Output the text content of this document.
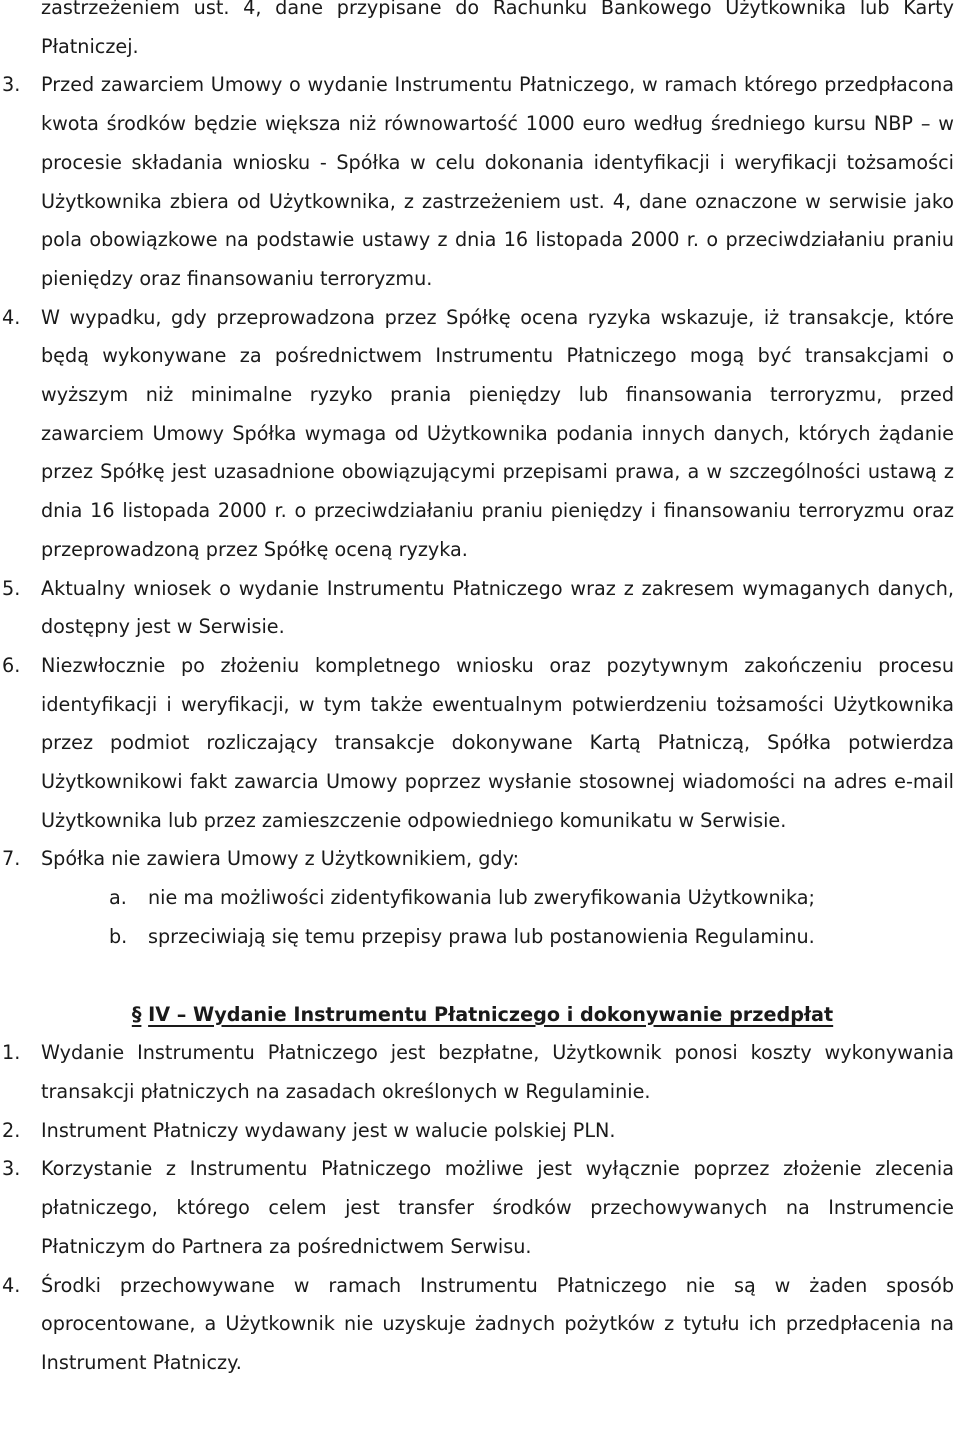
zastrzeżeniem ust. 4, dane przypisane do Rachunku Bankowego Użytkownika lub Karty Płatniczej.

3. Przed zawarciem Umowy o wydanie Instrumentu Płatniczego, w ramach którego przedpłacona kwota środków będzie większa niż równowartość 1000 euro według średniego kursu NBP – w procesie składania wniosku - Spółka w celu dokonania identyfikacji i weryfikacji tożsamości Użytkownika zbiera od Użytkownika, z zastrzeżeniem ust. 4, dane oznaczone w serwisie jako pola obowiązkowe na podstawie ustawy z dnia 16 listopada 2000 r. o przeciwdziałaniu praniu pieniędzy oraz finansowaniu terroryzmu.
4. W wypadku, gdy przeprowadzona przez Spółkę ocena ryzyka wskazuje, iż transakcje, które będą wykonywane za pośrednictwem Instrumentu Płatniczego mogą być transakcjami o wyższym niż minimalne ryzyko prania pieniędzy lub finansowania terroryzmu, przed zawarciem Umowy Spółka wymaga od Użytkownika podania innych danych, których żądanie przez Spółkę jest uzasadnione obowiązującymi przepisami prawa, a w szczególności ustawą z dnia 16 listopada 2000 r. o przeciwdziałaniu praniu pieniędzy i finansowaniu terroryzmu oraz przeprowadzoną przez Spółkę oceną ryzyka.
5. Aktualny wniosek o wydanie Instrumentu Płatniczego wraz z zakresem wymaganych danych, dostępny jest w Serwisie.
6. Niezwłocznie po złożeniu kompletnego wniosku oraz pozytywnym zakończeniu procesu identyfikacji i weryfikacji, w tym także ewentualnym potwierdzeniu tożsamości Użytkownika przez podmiot rozliczający transakcje dokonywane Kartą Płatniczą, Spółka potwierdza Użytkownikowi fakt zawarcia Umowy poprzez wysłanie stosownej wiadomości na adres e-mail Użytkownika lub przez zamieszczenie odpowiedniego komunikatu w Serwisie.
7. Spółka nie zawiera Umowy z Użytkownikiem, gdy:
a. nie ma możliwości zidentyfikowania lub zweryfikowania Użytkownika;
b. sprzeciwiają się temu przepisy prawa lub postanowienia Regulaminu.
§ IV – Wydanie Instrumentu Płatniczego i dokonywanie przedpłat
1. Wydanie Instrumentu Płatniczego jest bezpłatne, Użytkownik ponosi koszty wykonywania transakcji płatniczych na zasadach określonych w Regulaminie.
2. Instrument Płatniczy wydawany jest w walucie polskiej PLN.
3. Korzystanie z Instrumentu Płatniczego możliwe jest wyłącznie poprzez złożenie zlecenia płatniczego, którego celem jest transfer środków przechowywanych na Instrumencie Płatniczym do Partnera za pośrednictwem Serwisu.
4. Środki przechowywane w ramach Instrumentu Płatniczego nie są w żaden sposób oprocentowane, a Użytkownik nie uzyskuje żadnych pożytków z tytułu ich przedpłacenia na Instrument Płatniczy.
